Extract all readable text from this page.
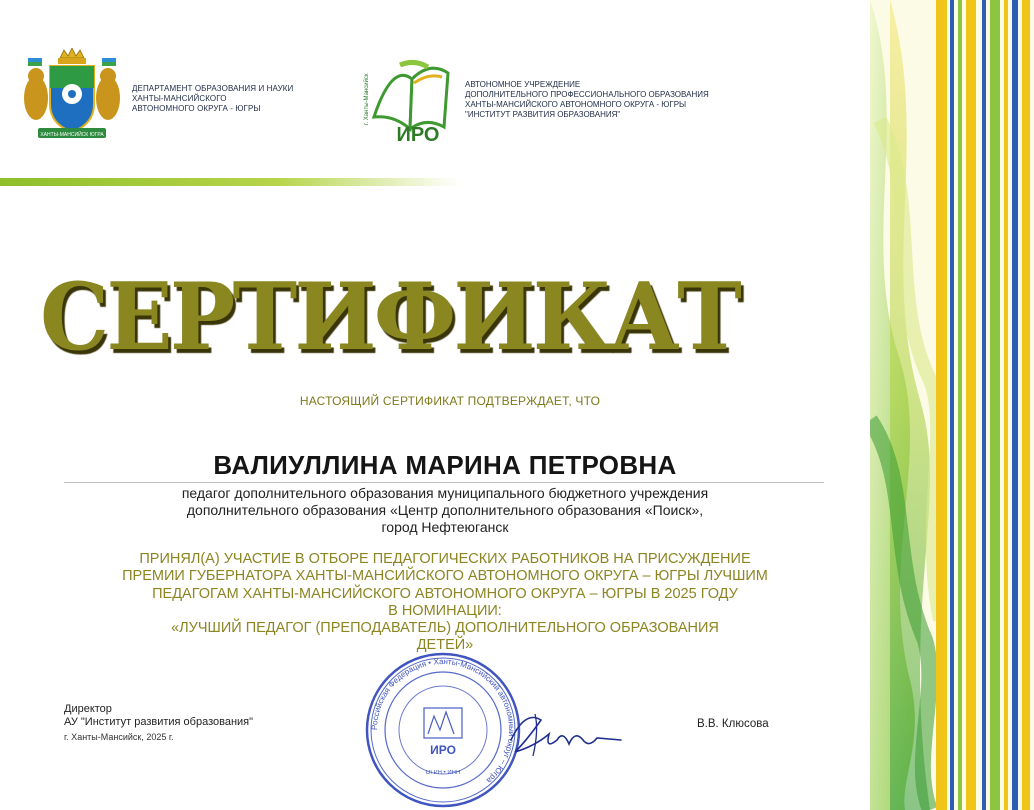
ХАНТЫ-МАНСИЙСК ЮГРА
ДЕПАРТАМЕНТ ОБРАЗОВАНИЯ И НАУКИ
ХАНТЫ-МАНСИЙСКОГО
АВТОНОМНОГО ОКРУГА - ЮГРЫ	г. Ханты-Мансийск
ИРО
АВТОНОМНОЕ УЧРЕЖДЕНИЕ
ДОПОЛНИТЕЛЬНОГО ПРОФЕССИОНАЛЬНОГО ОБРАЗОВАНИЯ
ХАНТЫ-МАНСИЙСКОГО АВТОНОМНОГО ОКРУГА - ЮГРЫ
"ИНСТИТУТ РАЗВИТИЯ ОБРАЗОВАНИЯ"
СЕРТИФИКАТ
НАСТОЯЩИЙ СЕРТИФИКАТ ПОДТВЕРЖДАЕТ, ЧТО
ВАЛИУЛЛИНА МАРИНА ПЕТРОВНА
педагог дополнительного образования муниципального бюджетного учреждения
дополнительного образования «Центр дополнительного образования «Поиск»,
город Нефтеюганск
ПРИНЯЛ(А) УЧАСТИЕ В ОТБОРЕ ПЕДАГОГИЧЕСКИХ РАБОТНИКОВ НА ПРИСУЖДЕНИЕ
ПРЕМИИ ГУБЕРНАТОРА ХАНТЫ-МАНСИЙСКОГО АВТОНОМНОГО ОКРУГА – ЮГРЫ ЛУЧШИМ
ПЕДАГОГАМ ХАНТЫ-МАНСИЙСКОГО АВТОНОМНОГО ОКРУГА – ЮГРЫ В 2025 ГОДУ
В НОМИНАЦИИ:
«ЛУЧШИЙ ПЕДАГОГ (ПРЕПОДАВАТЕЛЬ) ДОПОЛНИТЕЛЬНОГО ОБРАЗОВАНИЯ
ДЕТЕЙ»
Директор
АУ "Институт развития образования"
г. Ханты-Мансийск, 2025 г.
Российская Федерация • Ханты-Мансийский автономный округ – Югра
ИРО
ОГРН • ИНН
В.В. Клюсова
